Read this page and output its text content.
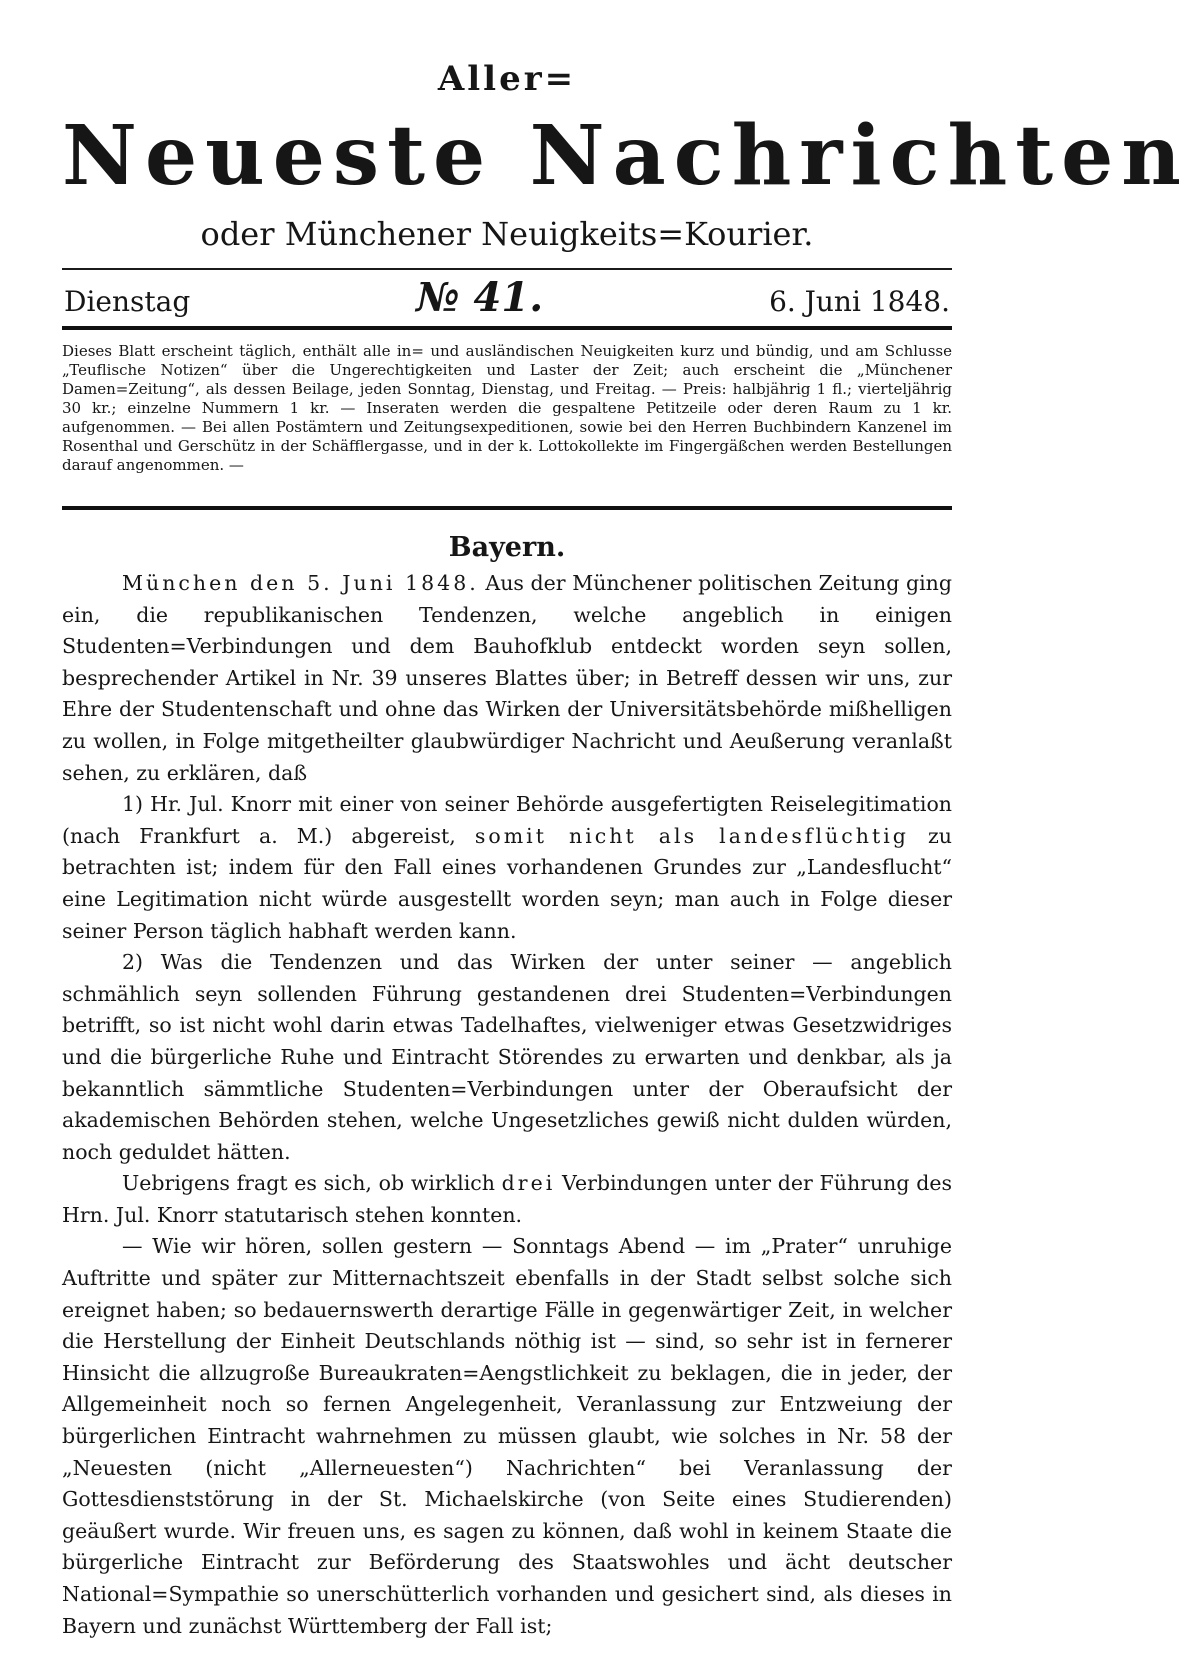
Aller=
Neueste Nachrichten
oder Münchener Neuigkeits=Kourier.
Dienstag	№ 41.	6. Juni 1848.
Dieses Blatt erscheint täglich, enthält alle in= und ausländischen Neuigkeiten kurz und bündig, und am Schlusse „Teuflische Notizen“ über die Ungerechtigkeiten und Laster der Zeit; auch erscheint die „Münchener Damen=Zeitung“, als dessen Beilage, jeden Sonntag, Dienstag, und Freitag. — Preis: halbjährig 1 fl.; vierteljährig 30 kr.; einzelne Nummern 1 kr. — Inseraten werden die gespaltene Petitzeile oder deren Raum zu 1 kr. aufgenommen. — Bei allen Postämtern und Zeitungsexpeditionen, sowie bei den Herren Buchbindern Kanzenel im Rosenthal und Gerschütz in der Schäfflergasse, und in der k. Lottokollekte im Fingergäßchen werden Bestellungen darauf angenommen. —
Bayern.

München den 5. Juni 1848. Aus der Münchener politischen Zeitung ging ein, die republikanischen Tendenzen, welche angeblich in einigen Studenten=Verbindungen und dem Bauhofklub entdeckt worden seyn sollen, besprechender Artikel in Nr. 39 unseres Blattes über; in Betreff dessen wir uns, zur Ehre der Studentenschaft und ohne das Wirken der Universitätsbehörde mißhelligen zu wollen, in Folge mitgetheilter glaubwürdiger Nachricht und Aeußerung veranlaßt sehen, zu erklären, daß

1) Hr. Jul. Knorr mit einer von seiner Behörde ausgefertigten Reiselegitimation (nach Frankfurt a. M.) abgereist, somit nicht als landesflüchtig zu betrachten ist; indem für den Fall eines vorhandenen Grundes zur „Landesflucht“ eine Legitimation nicht würde ausgestellt worden seyn; man auch in Folge dieser seiner Person täglich habhaft werden kann.

2) Was die Tendenzen und das Wirken der unter seiner — angeblich schmählich seyn sollenden Führung gestandenen drei Studenten=Verbindungen betrifft, so ist nicht wohl darin etwas Tadelhaftes, vielweniger etwas Gesetzwidriges und die bürgerliche Ruhe und Eintracht Störendes zu erwarten und denkbar, als ja bekanntlich sämmtliche Studenten=Verbindungen unter der Oberaufsicht der akademischen Behörden stehen, welche Ungesetzliches gewiß nicht dulden würden, noch geduldet hätten.

Uebrigens fragt es sich, ob wirklich drei Verbindungen unter der Führung des Hrn. Jul. Knorr statutarisch stehen konnten.

— Wie wir hören, sollen gestern — Sonntags Abend — im „Prater“ unruhige Auftritte und später zur Mitternachtszeit ebenfalls in der Stadt selbst solche sich ereignet haben; so bedauernswerth derartige Fälle in gegenwärtiger Zeit, in welcher die Herstellung der Einheit Deutschlands nöthig ist — sind, so sehr ist in fernerer Hinsicht die allzugroße Bureaukraten=Aengstlichkeit zu beklagen, die in jeder, der Allgemeinheit noch so fernen Angelegenheit, Veranlassung zur Entzweiung der bürgerlichen Eintracht wahrnehmen zu müssen glaubt, wie solches in Nr. 58 der „Neuesten (nicht „Allerneuesten“) Nachrichten“ bei Veranlassung der Gottesdienststörung in der St. Michaelskirche (von Seite eines Studierenden) geäußert wurde. Wir freuen uns, es sagen zu können, daß wohl in keinem Staate die bürgerliche Eintracht zur Beförderung des Staatswohles und ächt deutscher National=Sympathie so unerschütterlich vorhanden und gesichert sind, als dieses in Bayern und zunächst Württemberg der Fall ist;
